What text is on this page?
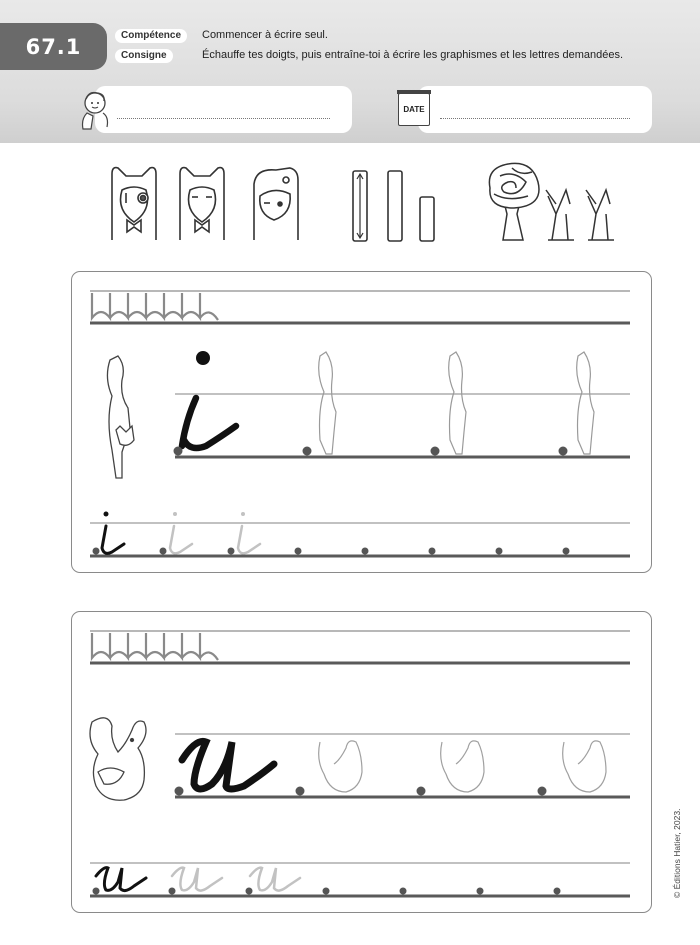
67.1	Compétence
Consigne
Commencer à écrire seul.
Échauffe tes doigts, puis entraîne-toi à écrire les graphismes et les lettres demandées.
DATE
© Éditions Hatier, 2023.
